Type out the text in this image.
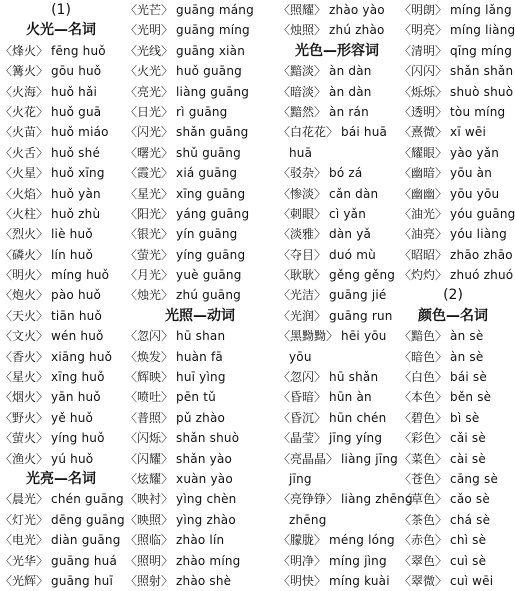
(1)
火光—名词
〈烽火〉 fēng huǒ
〈篝火〉 gōu huǒ
〈火海〉 huǒ hǎi
〈火花〉 huǒ guā
〈火苗〉 huǒ miáo
〈火舌〉 huǒ shé
〈火星〉 huǒ xīng
〈火焰〉 huǒ yàn
〈火柱〉 huǒ zhù
〈烈火〉 liè huǒ
〈磷火〉 lín huǒ
〈明火〉 míng huǒ
〈炮火〉 pào huǒ
〈天火〉 tiān huǒ
〈文火〉 wén huǒ
〈香火〉 xiāng huǒ
〈星火〉 xīng huǒ
〈烟火〉 yān huǒ
〈野火〉 yě huǒ
〈萤火〉 yíng huǒ
〈渔火〉 yú huǒ
光亮—名词
〈晨光〉 chén guāng
〈灯光〉 dēng guāng
〈电光〉 diàn guāng
〈光华〉 guāng huá
〈光辉〉 guāng huī
〈光芒〉 guāng máng
〈光明〉 guāng míng
〈光线〉 guāng xiàn
〈火光〉 huǒ guāng
〈亮光〉 liàng guāng
〈日光〉 rì guāng
〈闪光〉 shǎn guāng
〈曙光〉 shǔ guāng
〈霞光〉 xiá guāng
〈星光〉 xīng guāng
〈阳光〉 yáng guāng
〈银光〉 yín guāng
〈萤光〉 yíng guāng
〈月光〉 yuè guāng
〈烛光〉 zhú guāng
光照—动词
〈忽闪〉 hū shan
〈焕发〉 huàn fā
〈辉映〉 huī yìng
〈喷吐〉 pēn tǔ
〈普照〉 pǔ zhào
〈闪烁〉 shǎn shuò
〈闪耀〉 shǎn yào
〈炫耀〉 xuàn yào
〈映衬〉 yìng chèn
〈映照〉 yìng zhào
〈照临〉 zhào lín
〈照明〉 zhào míng
〈照射〉 zhào shè
〈照耀〉 zhào yào
〈烛照〉 zhú zhào
光色—形容词
〈黯淡〉 àn dàn
〈暗淡〉 àn dàn
〈黯然〉 àn rán
〈白花花〉 bái huā
huā
〈驳杂〉 bó zá
〈惨淡〉 cǎn dàn
〈刺眼〉 cì yǎn
〈淡雅〉 dàn yǎ
〈夺目〉 duó mù
〈耿耿〉 gěng gěng
〈光洁〉 guāng jié
〈光润〉 guāng run
〈黑黝黝〉 hēi yōu
yōu
〈忽闪〉 hū shǎn
〈昏暗〉 hūn àn
〈昏沉〉 hūn chén
〈晶莹〉 jīng yíng
〈亮晶晶〉 liàng jīng
jīng
〈亮铮铮〉 liàng zhēng
zhēng
〈朦胧〉 méng lóng
〈明净〉 míng jìng
〈明快〉 míng kuài
〈明朗〉 míng lǎng
〈明亮〉 míng liàng
〈清明〉 qīng míng
〈闪闪〉 shǎn shǎn
〈烁烁〉 shuò shuò
〈透明〉 tòu míng
〈熹微〉 xī wēi
〈耀眼〉 yào yǎn
〈幽暗〉 yōu àn
〈幽幽〉 yōu yōu
〈油光〉 yóu guāng
〈油亮〉 yóu liàng
〈昭昭〉 zhāo zhāo
〈灼灼〉 zhuó zhuó
(2)
颜色—名词
〈黯色〉 àn sè
〈暗色〉 àn sè
〈白色〉 bái sè
〈本色〉 běn sè
〈碧色〉 bì sè
〈彩色〉 cǎi sè
〈菜色〉 cài sè
〈苍色〉 cāng sè
〈草色〉 cǎo sè
〈茶色〉 chá sè
〈赤色〉 chì sè
〈翠色〉 cuì sè
〈翠微〉 cuì wēi
